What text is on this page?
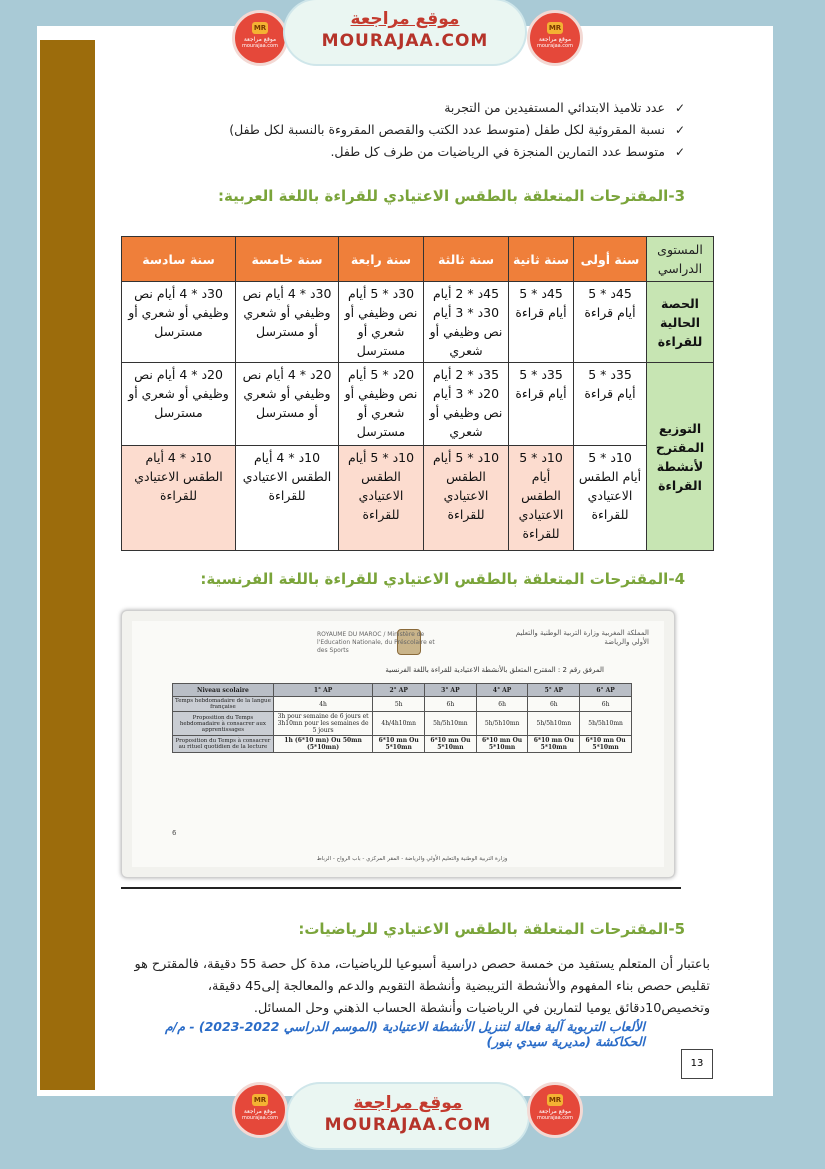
MR
موقع مراجعة
mourajaa.com
موقع مراجعة
MOURAJAA.COM
MR
موقع مراجعة
mourajaa.com
✓عدد تلاميذ الابتدائي المستفيدين من التجربة
✓نسبة المقروئية لكل طفل (متوسط عدد الكتب والقصص المقروءة بالنسبة لكل طفل)
✓متوسط عدد التمارين المنجزة في الرياضيات من طرف كل طفل.
3-المقترحات المتعلقة بالطقس الاعتيادي للقراءة باللغة العربية:
المستوى الدراسي	سنة أولى	سنة ثانية	سنة ثالثة	سنة رابعة	سنة خامسة	سنة سادسة
الحصة الحالية للقراءة	45د * 5 أيام قراءة	45د * 5 أيام قراءة	45د * 2 أيام 30د * 3 أيام نص وظيفي أو شعري	30د * 5 أيام نص وظيفي أو شعري أو مسترسل	30د * 4 أيام نص وظيفي أو شعري أو مسترسل	30د * 4 أيام نص وظيفي أو شعري أو مسترسل
التوزيع المقترح لأنشطة القراءة	35د * 5 أيام قراءة	35د * 5 أيام قراءة	35د * 2 أيام 20د * 3 أيام نص وظيفي أو شعري	20د * 5 أيام نص وظيفي أو شعري أو مسترسل	20د * 4 أيام نص وظيفي أو شعري أو مسترسل	20د * 4 أيام نص وظيفي أو شعري أو مسترسل
	10د * 5 أيام الطقس الاعتيادي للقراءة	10د * 5 أيام الطقس الاعتيادي للقراءة	10د * 5 أيام الطقس الاعتيادي للقراءة	10د * 5 أيام الطقس الاعتيادي للقراءة	10د * 4 أيام الطقس الاعتيادي للقراءة	10د * 4 أيام الطقس الاعتيادي للقراءة
4-المقترحات المتعلقة بالطقس الاعتيادي للقراءة باللغة الفرنسية:
المملكة المغربية وزارة التربية الوطنية والتعليم الأولي والرياضة
ROYAUME DU MAROC / Ministère de l'Education Nationale, du Préscolaire et des Sports
المرفق رقم 2 : المقترح المتعلق بالأنشطة الاعتيادية للقراءة باللغة الفرنسية
Niveau scolaire	1° AP	2° AP	3° AP	4° AP	5° AP	6° AP
Temps hebdomadaire de la langue française	4h	5h	6h	6h	6h	6h
Proposition du Temps hebdomadaire à consacrer aux apprentissages	3h pour semaine de 6 jours et 3h10mn pour les semaines de 5 jours	4h/4h10mn	5h/5h10mn	5h/5h10mn	5h/5h10mn	5h/5h10mn
Proposition du Temps à consacrer au rituel quotidien de la lecture	1h (6*10 mn) Ou 50mn (5*10mn)	6*10 mn Ou 5*10mn	6*10 mn Ou 5*10mn	6*10 mn Ou 5*10mn	6*10 mn Ou 5*10mn	6*10 mn Ou 5*10mn
6
وزارة التربية الوطنية والتعليم الأولي والرياضة - المقر المركزي - باب الرواح - الرباط
5-المقترحات المتعلقة بالطقس الاعتيادي للرياضيات:
باعتبار أن المتعلم يستفيد من خمسة حصص دراسية أسبوعيا للرياضيات، مدة كل حصة 55 دقيقة، فالمقترح هو تقليص حصص بناء المفهوم والأنشطة التريبضية وأنشطة التقويم والدعم والمعالجة إلى45 دقيقة، وتخصيص10دقائق يوميا لتمارين في الرياضيات وأنشطة الحساب الذهني وحل المسائل.
الألعاب التربوية آلية فعالة لتنزيل الأنشطة الاعتيادية (الموسم الدراسي 2022-2023) - م/م الحكاكشة (مديرية سيدي بنور)
13
MR
موقع مراجعة
mourajaa.com
موقع مراجعة
MOURAJAA.COM
MR
موقع مراجعة
mourajaa.com
